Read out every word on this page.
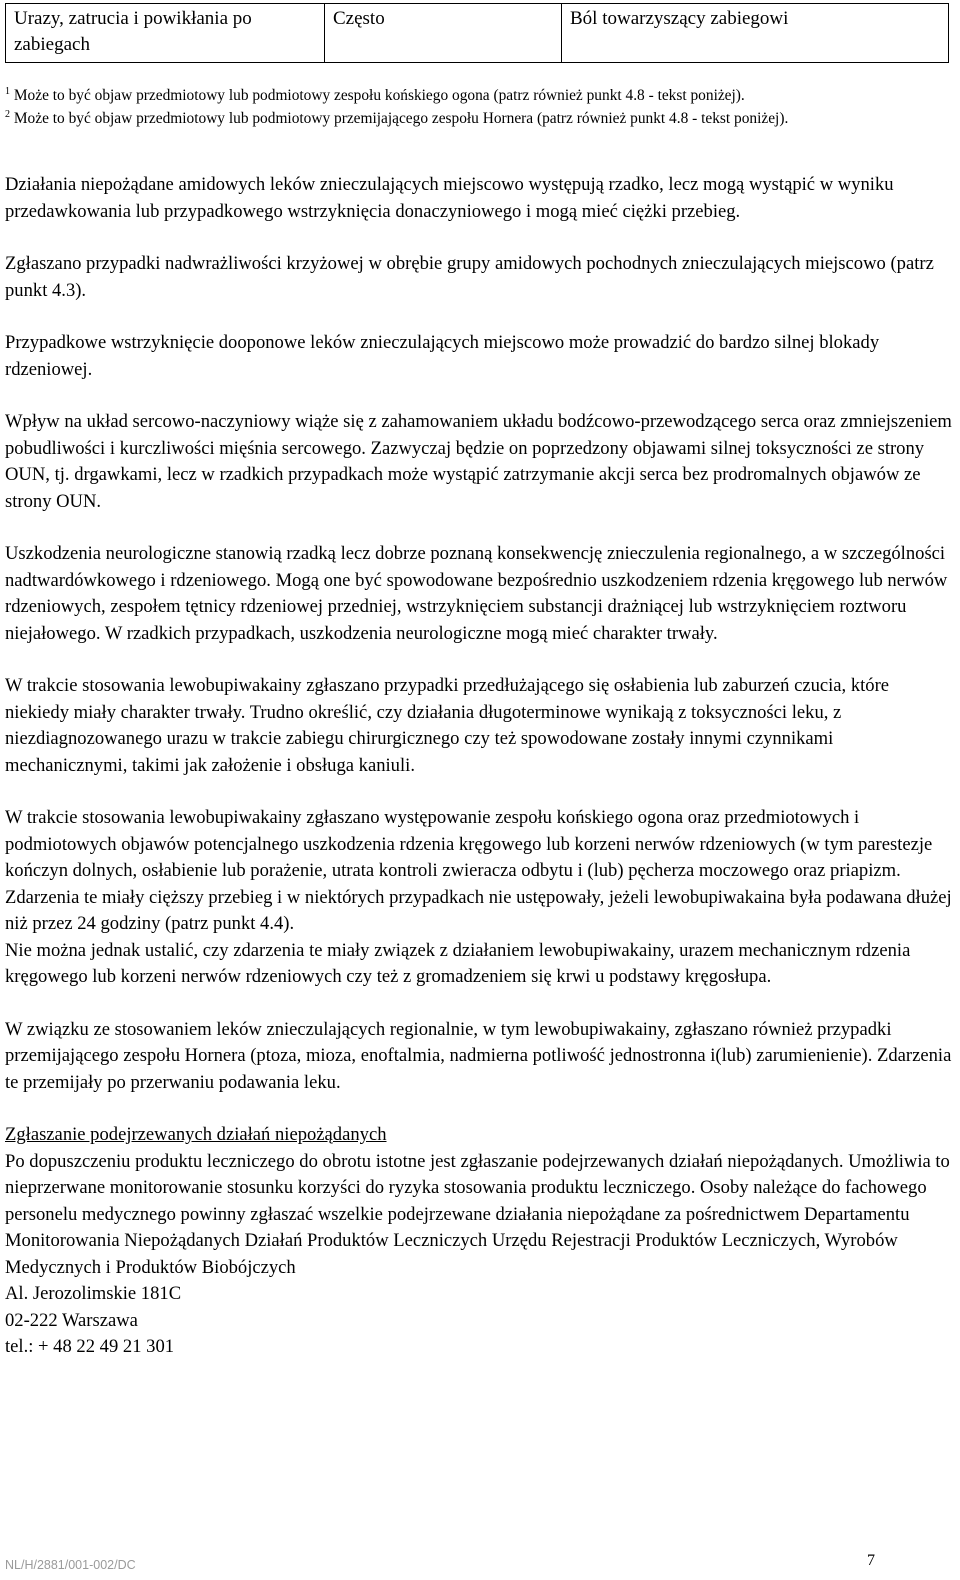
Urazy, zatrucia i powikłania po zabiegach	Często	Ból towarzyszący zabiegowi
$^1$ Może to być objaw przedmiotowy lub podmiotowy zespołu końskiego ogona (patrz również punkt 4.8 - tekst poniżej).
$^2$ Może to być objaw przedmiotowy lub podmiotowy przemijającego zespołu Hornera (patrz również punkt 4.8 - tekst poniżej).

Działania niepożądane amidowych leków znieczulających miejscowo występują rzadko, lecz mogą wystąpić w wyniku przedawkowania lub przypadkowego wstrzyknięcia donaczyniowego i mogą mieć ciężki przebieg.

Zgłaszano przypadki nadwrażliwości krzyżowej w obrębie grupy amidowych pochodnych znieczulających miejscowo (patrz punkt 4.3).

Przypadkowe wstrzyknięcie dooponowe leków znieczulających miejscowo może prowadzić do bardzo silnej blokady rdzeniowej.

Wpływ na układ sercowo-naczyniowy wiąże się z zahamowaniem układu bodźcowo-przewodzącego serca oraz zmniejszeniem pobudliwości i kurczliwości mięśnia sercowego. Zazwyczaj będzie on poprzedzony objawami silnej toksyczności ze strony OUN, tj. drgawkami, lecz w rzadkich przypadkach może wystąpić zatrzymanie akcji serca bez prodromalnych objawów ze strony OUN.

Uszkodzenia neurologiczne stanowią rzadką lecz dobrze poznaną konsekwencję znieczulenia regionalnego, a w szczególności nadtwardówkowego i rdzeniowego. Mogą one być spowodowane bezpośrednio uszkodzeniem rdzenia kręgowego lub nerwów rdzeniowych, zespołem tętnicy rdzeniowej przedniej, wstrzyknięciem substancji drażniącej lub wstrzyknięciem roztworu niejałowego. W rzadkich przypadkach, uszkodzenia neurologiczne mogą mieć charakter trwały.

W trakcie stosowania lewobupiwakainy zgłaszano przypadki przedłużającego się osłabienia lub zaburzeń czucia, które niekiedy miały charakter trwały. Trudno określić, czy działania długoterminowe wynikają z toksyczności leku, z niezdiagnozowanego urazu w trakcie zabiegu chirurgicznego czy też spowodowane zostały innymi czynnikami mechanicznymi, takimi jak założenie i obsługa kaniuli.

W trakcie stosowania lewobupiwakainy zgłaszano występowanie zespołu końskiego ogona oraz przedmiotowych i podmiotowych objawów potencjalnego uszkodzenia rdzenia kręgowego lub korzeni nerwów rdzeniowych (w tym parestezje kończyn dolnych, osłabienie lub porażenie, utrata kontroli zwieracza odbytu i (lub) pęcherza moczowego oraz priapizm. Zdarzenia te miały cięższy przebieg i w niektórych przypadkach nie ustępowały, jeżeli lewobupiwakaina była podawana dłużej niż przez 24 godziny (patrz punkt 4.4).

Nie można jednak ustalić, czy zdarzenia te miały związek z działaniem lewobupiwakainy, urazem mechanicznym rdzenia kręgowego lub korzeni nerwów rdzeniowych czy też z gromadzeniem się krwi u podstawy kręgosłupa.

W związku ze stosowaniem leków znieczulających regionalnie, w tym lewobupiwakainy, zgłaszano również przypadki przemijającego zespołu Hornera (ptoza, mioza, enoftalmia, nadmierna potliwość jednostronna i(lub) zarumienienie). Zdarzenia te przemijały po przerwaniu podawania leku.

Zgłaszanie podejrzewanych działań niepożądanych
Po dopuszczeniu produktu leczniczego do obrotu istotne jest zgłaszanie podejrzewanych działań niepożądanych. Umożliwia to nieprzerwane monitorowanie stosunku korzyści do ryzyka stosowania produktu leczniczego. Osoby należące do fachowego personelu medycznego powinny zgłaszać wszelkie podejrzewane działania niepożądane za pośrednictwem Departamentu Monitorowania Niepożądanych Działań Produktów Leczniczych Urzędu Rejestracji Produktów Leczniczych, Wyrobów Medycznych i Produktów Biobójczych
Al. Jerozolimskie 181C
02-222 Warszawa
tel.: + 48 22 49 21 301
NL/H/2881/001-002/DC	7
